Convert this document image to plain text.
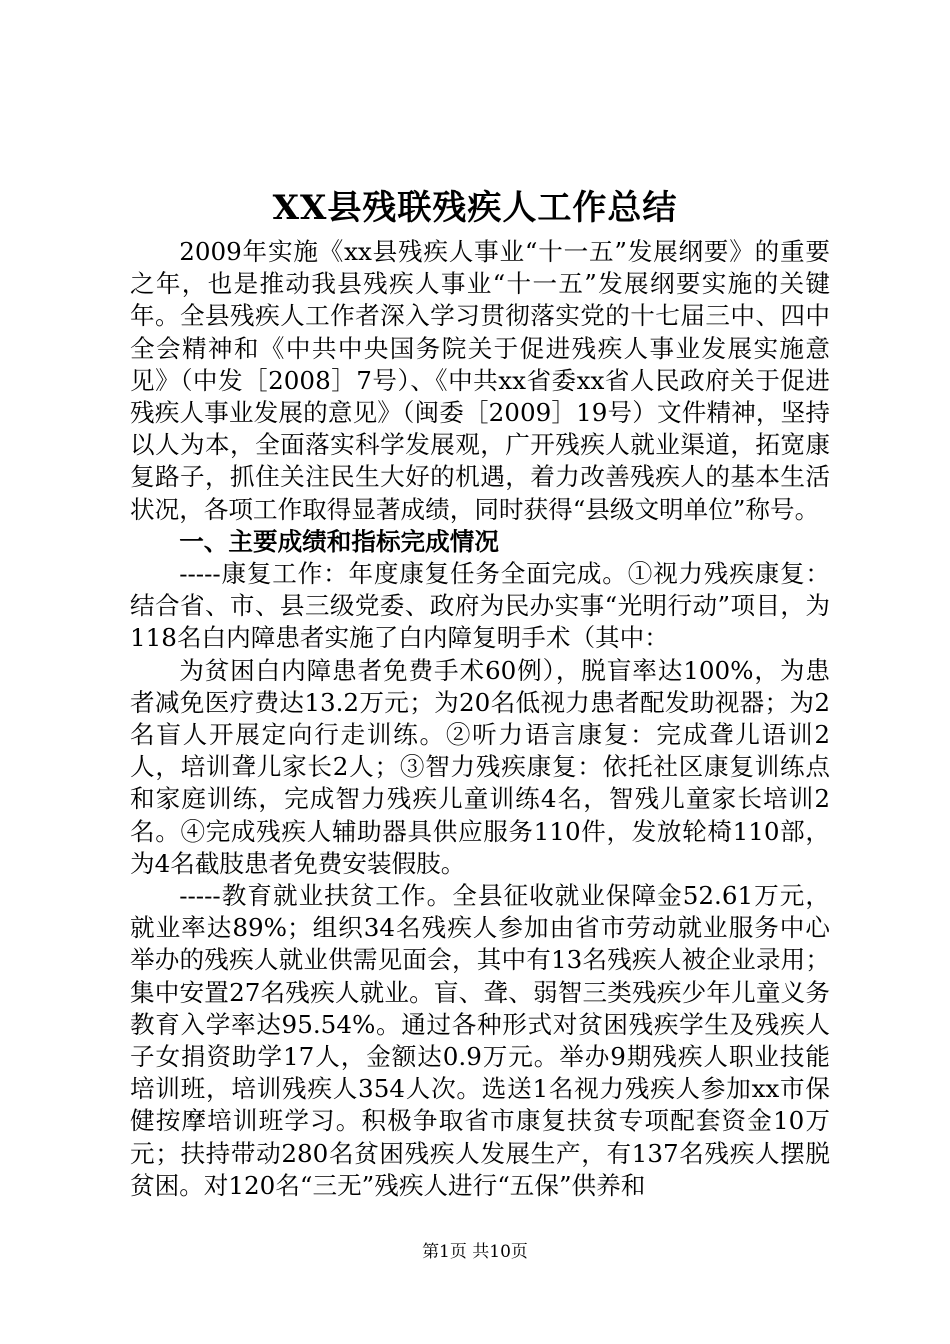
XX县残联残疾人工作总结

2009年实施《xx县残疾人事业“十一五”发展纲要》的重要之年，也是推动我县残疾人事业“十一五”发展纲要实施的关键年。全县残疾人工作者深入学习贯彻落实党的十七届三中、四中全会精神和《中共中央国务院关于促进残疾人事业发展实施意见》（中发［2008］7号）、《中共xx省委xx省人民政府关于促进残疾人事业发展的意见》（闽委［2009］19号）文件精神，坚持以人为本，全面落实科学发展观，广开残疾人就业渠道，拓宽康复路子，抓住关注民生大好的机遇，着力改善残疾人的基本生活状况，各项工作取得显著成绩，同时获得“县级文明单位”称号。

一、主要成绩和指标完成情况

-----康复工作：年度康复任务全面完成。①视力残疾康复：结合省、市、县三级党委、政府为民办实事“光明行动”项目，为118名白内障患者实施了白内障复明手术（其中：

为贫困白内障患者免费手术60例），脱盲率达100%，为患者减免医疗费达13.2万元；为20名低视力患者配发助视器；为2名盲人开展定向行走训练。②听力语言康复：完成聋儿语训2人，培训聋儿家长2人；③智力残疾康复：依托社区康复训练点和家庭训练，完成智力残疾儿童训练4名，智残儿童家长培训2名。④完成残疾人辅助器具供应服务110件，发放轮椅110部，为4名截肢患者免费安装假肢。

-----教育就业扶贫工作。全县征收就业保障金52.61万元，就业率达89%；组织34名残疾人参加由省市劳动就业服务中心举办的残疾人就业供需见面会，其中有13名残疾人被企业录用；集中安置27名残疾人就业。盲、聋、弱智三类残疾少年儿童义务教育入学率达95.54%。通过各种形式对贫困残疾学生及残疾人子女捐资助学17人，金额达0.9万元。举办9期残疾人职业技能培训班，培训残疾人354人次。选送1名视力残疾人参加xx市保健按摩培训班学习。积极争取省市康复扶贫专项配套资金10万元；扶持带动280名贫困残疾人发展生产，有137名残疾人摆脱贫困。对120名“三无”残疾人进行“五保”供养和

第1页 共10页
